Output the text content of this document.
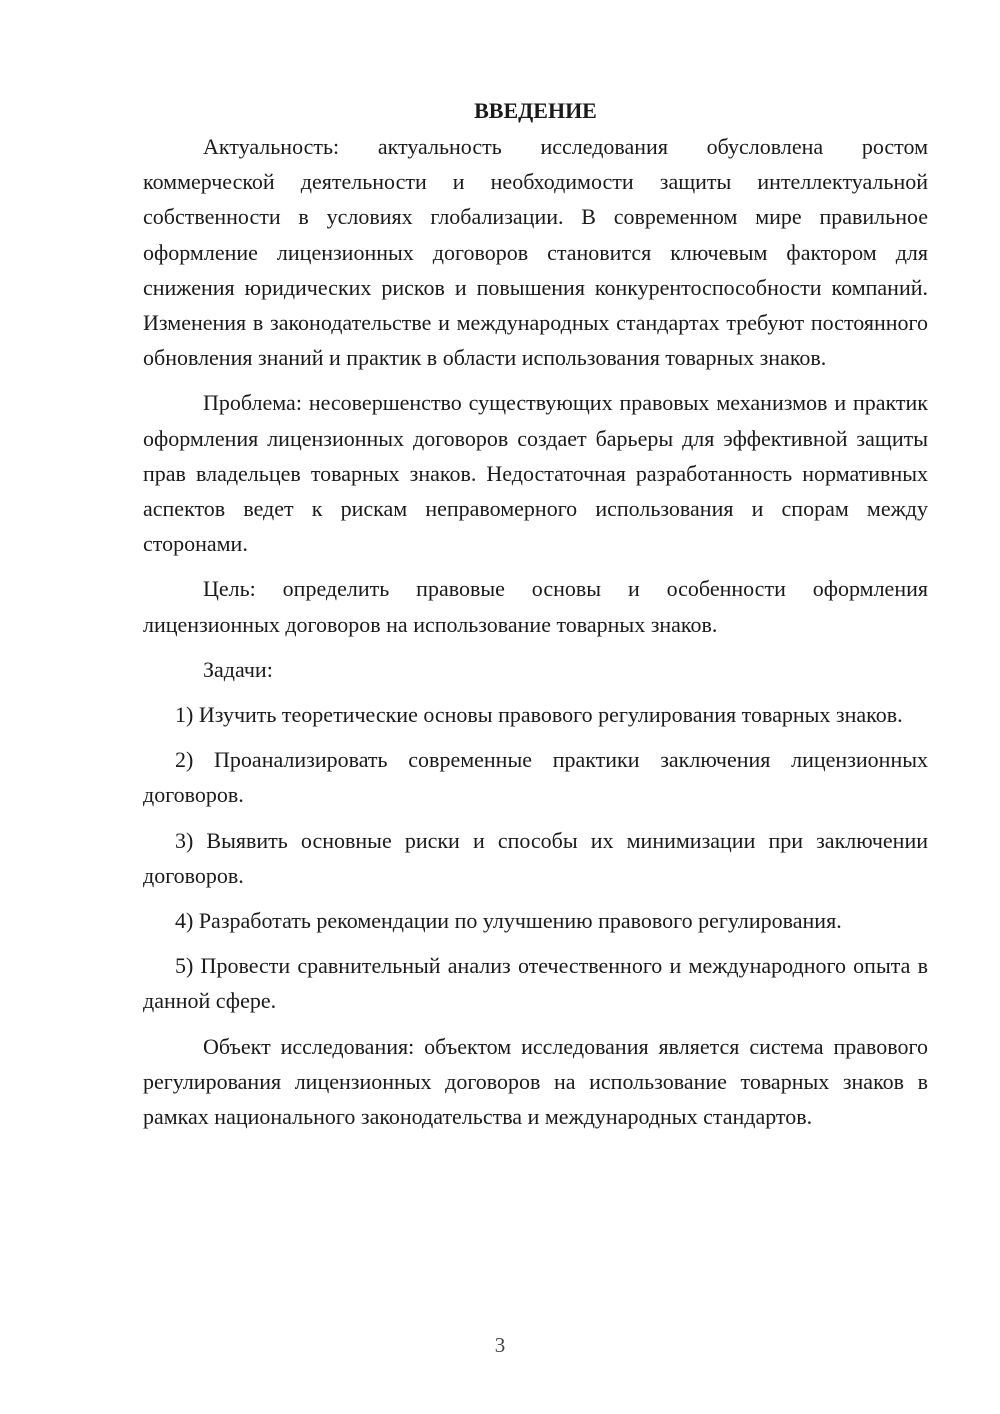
ВВЕДЕНИЕ

Актуальность: актуальность исследования обусловлена ростом коммерческой деятельности и необходимости защиты интеллектуальной собственности в условиях глобализации. В современном мире правильное оформление лицензионных договоров становится ключевым фактором для снижения юридических рисков и повышения конкурентоспособности компаний. Изменения в законодательстве и международных стандартах требуют постоянного обновления знаний и практик в области использования товарных знаков.

Проблема: несовершенство существующих правовых механизмов и практик оформления лицензионных договоров создает барьеры для эффективной защиты прав владельцев товарных знаков. Недостаточная разработанность нормативных аспектов ведет к рискам неправомерного использования и спорам между сторонами.

Цель: определить правовые основы и особенности оформления лицензионных договоров на использование товарных знаков.

Задачи:

1) Изучить теоретические основы правового регулирования товарных знаков.

2) Проанализировать современные практики заключения лицензионных договоров.

3) Выявить основные риски и способы их минимизации при заключении договоров.

4) Разработать рекомендации по улучшению правового регулирования.

5) Провести сравнительный анализ отечественного и международного опыта в данной сфере.

Объект исследования: объектом исследования является система правового регулирования лицензионных договоров на использование товарных знаков в рамках национального законодательства и международных стандартов.

3
